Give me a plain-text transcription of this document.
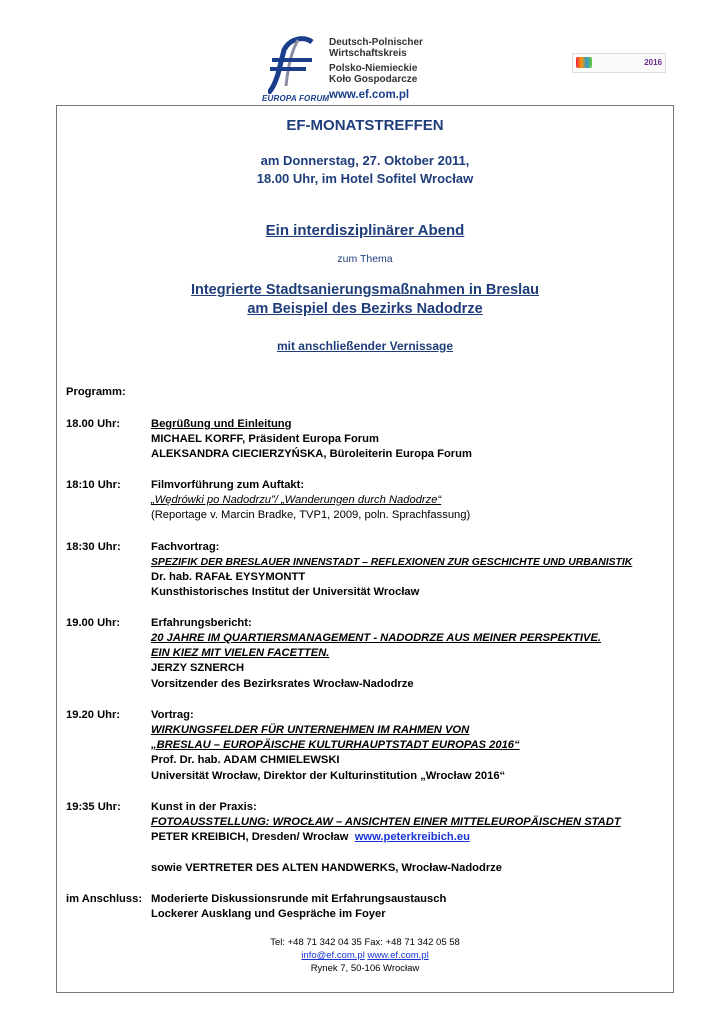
EUROPA FORUM
Deutsch-Polnischer
Wirtschaftskreis
Polsko-Niemieckie
Koło Gospodarcze
www.ef.com.pl
2016
EF-MONATSTREFFEN
am Donnerstag, 27. Oktober 2011,
18.00 Uhr, im Hotel Sofitel Wrocław
Ein interdisziplinärer Abend
zum Thema
Integrierte Stadtsanierungsmaßnahmen in Breslau
am Beispiel des Bezirks Nadodrze
mit anschließender Vernissage
Programm:
18.00 Uhr:	Begrüßung und Einleitung
MICHAEL KORFF, Präsident Europa Forum
ALEKSANDRA CIECIERZYŃSKA, Büroleiterin Europa Forum
18:10 Uhr:	Filmvorführung zum Auftakt:
„Wędrówki po Nadodrzu”/ „Wanderungen durch Nadodrze“
(Reportage v. Marcin Bradke, TVP1, 2009, poln. Sprachfassung)
18:30 Uhr:	Fachvortrag:
SPEZIFIK DER BRESLAUER INNENSTADT – REFLEXIONEN ZUR GESCHICHTE UND URBANISTIK
Dr. hab. RAFAŁ EYSYMONTT
Kunsthistorisches Institut der Universität Wrocław
19.00 Uhr:	Erfahrungsbericht:
20 JAHRE IM QUARTIERSMANAGEMENT - NADODRZE AUS MEINER PERSPEKTIVE.
EIN KIEZ MIT VIELEN FACETTEN.
JERZY SZNERCH
Vorsitzender des Bezirksrates Wrocław-Nadodrze
19.20 Uhr:	Vortrag:
WIRKUNGSFELDER FÜR UNTERNEHMEN IM RAHMEN VON
„BRESLAU – EUROPÄISCHE KULTURHAUPTSTADT EUROPAS 2016“
Prof. Dr. hab. ADAM CHMIELEWSKI
Universität Wrocław, Direktor der Kulturinstitution „Wrocław 2016“
19:35 Uhr:	Kunst in der Praxis:
FOTOAUSSTELLUNG: WROCŁAW – ANSICHTEN EINER MITTELEUROPÄISCHEN STADT
PETER KREIBICH, Dresden/ Wrocław www.peterkreibich.eu
sowie VERTRETER DES ALTEN HANDWERKS, Wrocław-Nadodrze
im Anschluss: Moderierte Diskussionsrunde mit Erfahrungsaustausch
Lockerer Ausklang und Gespräche im Foyer
Tel: +48 71 342 04 35 Fax: +48 71 342 05 58
info@ef.com.pl www.ef.com.pl
Rynek 7, 50-106 Wrocław
